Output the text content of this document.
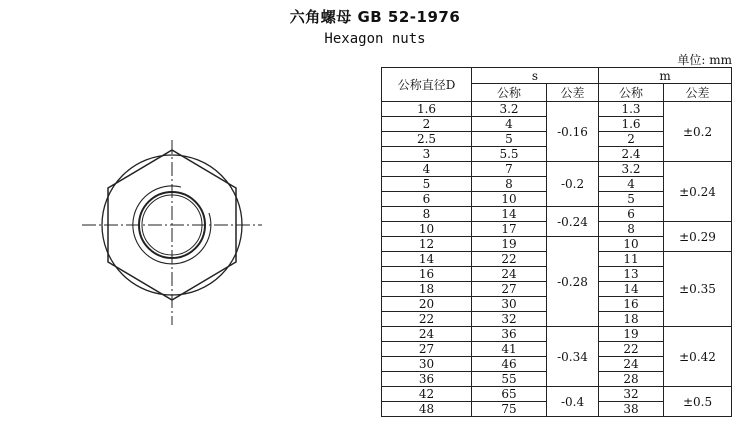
六角螺母 GB 52-1976
Hexagon nuts
单位: mm
公称直径D	s		m	
	公称	公差	公称	公差
1.6	3.2	-0.16	1.3	±0.2
2	4		1.6	
2.5	5		2	
3	5.5		2.4	
4	7	-0.2	3.2	±0.24
5	8		4	
6	10		5	
8	14	-0.24	6	
10	17		8	±0.29
12	19	-0.28	10	
14	22		11	±0.35
16	24		13	
18	27		14	
20	30		16	
22	32		18	
24	36	-0.34	19	±0.42
27	41		22	
30	46		24	
36	55		28	
42	65	-0.4	32	±0.5
48	75		38	
